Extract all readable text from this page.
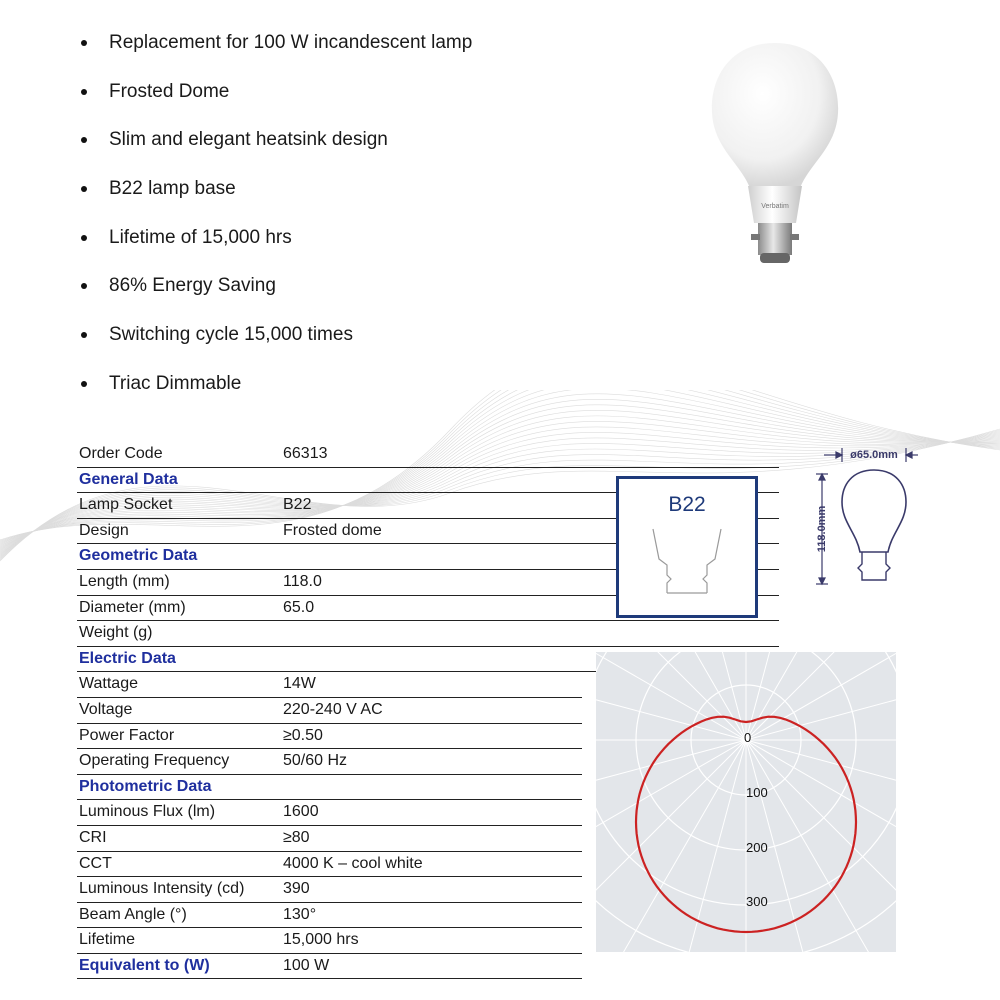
Replacement for 100 W incandescent lamp
Frosted Dome
Slim and elegant heatsink design
B22 lamp base
Lifetime of 15,000 hrs
86% Energy Saving
Switching cycle 15,000 times
Triac Dimmable
Verbatim
Order Code	66313
General Data
Lamp Socket	B22
Design	Frosted dome
Geometric Data
Length (mm)	118.0
Diameter (mm)	65.0
Weight (g)
Electric Data
Wattage	14W
Voltage	220-240 V AC
Power Factor	≥0.50
Operating Frequency	50/60 Hz
Photometric Data
Luminous Flux (lm)	1600
CRI	≥80
CCT	4000 K – cool white
Luminous Intensity (cd) 390
Beam Angle (°)	130°
Lifetime	15,000 hrs
Equivalent to (W)	100 W
B22
ø65.0mm
118.0mm
0
100
200
300
